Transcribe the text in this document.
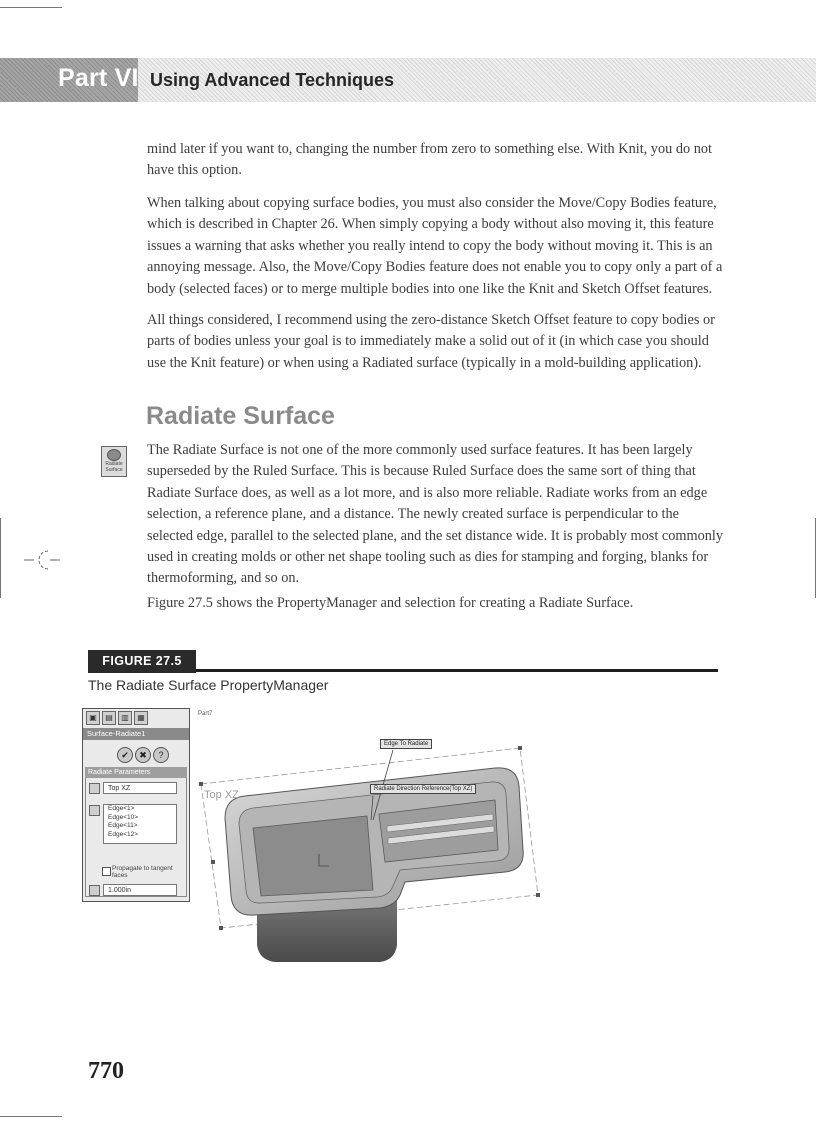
Part VI Using Advanced Techniques

mind later if you want to, changing the number from zero to something else. With Knit, you do not have this option.

When talking about copying surface bodies, you must also consider the Move/Copy Bodies feature, which is described in Chapter 26. When simply copying a body without also moving it, this feature issues a warning that asks whether you really intend to copy the body without moving it. This is an annoying message. Also, the Move/Copy Bodies feature does not enable you to copy only a part of a body (selected faces) or to merge multiple bodies into one like the Knit and Sketch Offset features.

All things considered, I recommend using the zero-distance Sketch Offset feature to copy bodies or parts of bodies unless your goal is to immediately make a solid out of it (in which case you should use the Knit feature) or when using a Radiated surface (typically in a mold-building application).

Radiate Surface
Radiate
Surface

The Radiate Surface is not one of the more commonly used surface features. It has been largely superseded by the Ruled Surface. This is because Ruled Surface does the same sort of thing that Radiate Surface does, as well as a lot more, and is also more reliable. Radiate works from an edge selection, a reference plane, and a distance. The newly created surface is perpendicular to the selected edge, parallel to the selected plane, and the set distance wide. It is probably most commonly used in creating molds or other net shape tooling such as dies for stamping and forging, blanks for thermoforming, and so on.

Figure 27.5 shows the PropertyManager and selection for creating a Radiate Surface.

FIGURE 27.5

The Radiate Surface PropertyManager

▣	▤	▥	▦
Surface-Radiate1
✔	✖	?
Radiate Parameters
Top XZ
Edge<1>
Edge<10>
Edge<11>
Edge<12>
Propagate to tangent faces
1.000in
Part7
Edge To Radiate
Radiate Direction Reference(Top XZ)
Top XZ

770
